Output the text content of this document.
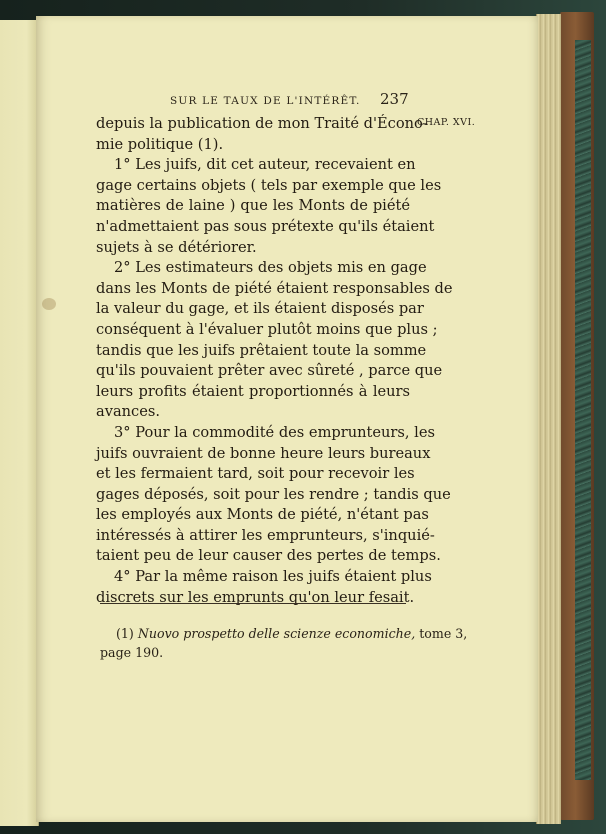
SUR LE TAUX DE L'INTÉRÊT. 237
CHAP. XVI.
depuis la publication de mon Traité d'Écono-
mie politique (1).
1° Les juifs, dit cet auteur, recevaient en
gage certains objets ( tels par exemple que les
matières de laine ) que les Monts de piété
n'admettaient pas sous prétexte qu'ils étaient
sujets à se détériorer.
2° Les estimateurs des objets mis en gage
dans les Monts de piété étaient responsables de
la valeur du gage, et ils étaient disposés par
conséquent à l'évaluer plutôt moins que plus ;
tandis que les juifs prêtaient toute la somme
qu'ils pouvaient prêter avec sûreté , parce que
leurs profits étaient proportionnés à leurs
avances.
3° Pour la commodité des emprunteurs, les
juifs ouvraient de bonne heure leurs bureaux
et les fermaient tard, soit pour recevoir les
gages déposés, soit pour les rendre ; tandis que
les employés aux Monts de piété, n'étant pas
intéressés à attirer les emprunteurs, s'inquié-
taient peu de leur causer des pertes de temps.
4° Par la même raison les juifs étaient plus
discrets sur les emprunts qu'on leur fesait.
(1) Nuovo prospetto delle scienze economiche, tome 3,
page 190.
